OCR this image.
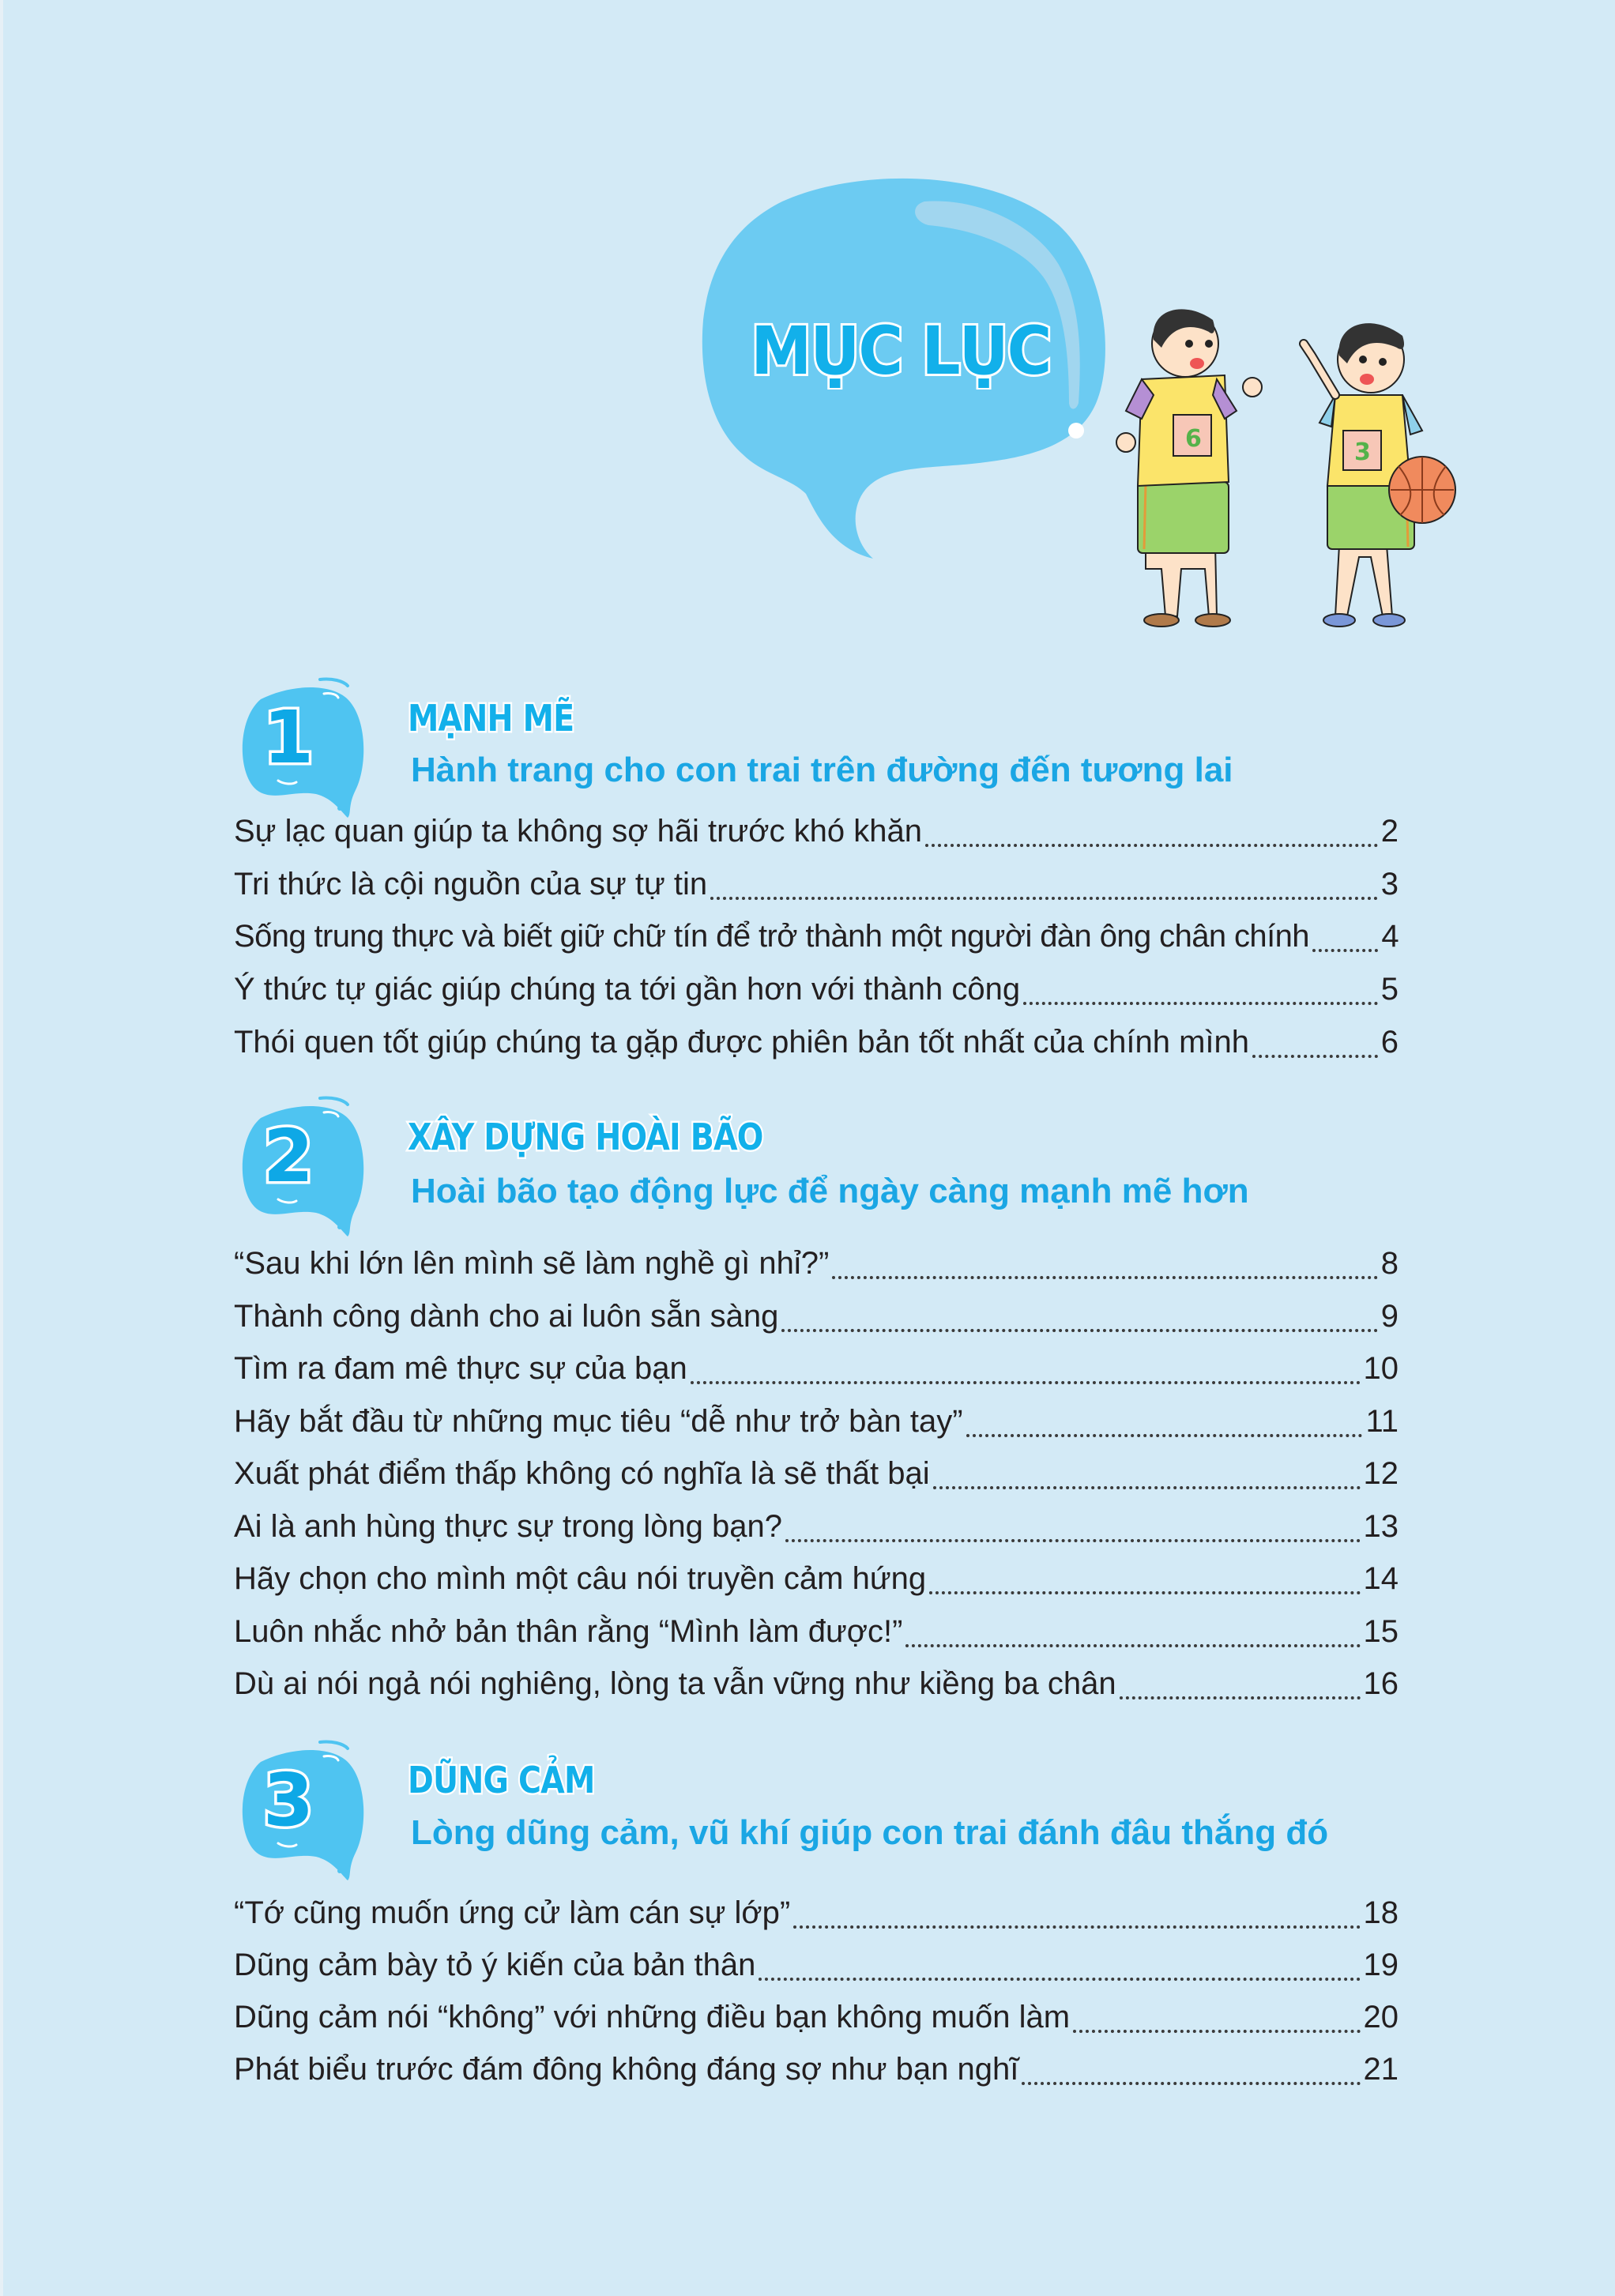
MỤC LỤC
6	3
1	MẠNH MẼ
Hành trang cho con trai trên đường đến tương lai
Sự lạc quan giúp ta không sợ hãi trước khó khăn	2
Tri thức là cội nguồn của sự tự tin	3
Sống trung thực và biết giữ chữ tín để trở thành một người đàn ông chân chính 4
Ý thức tự giác giúp chúng ta tới gần hơn với thành công	5
Thói quen tốt giúp chúng ta gặp được phiên bản tốt nhất của chính mình	6
2	XÂY DỰNG HOÀI BÃO
Hoài bão tạo động lực để ngày càng mạnh mẽ hơn
“Sau khi lớn lên mình sẽ làm nghề gì nhỉ?”	8
Thành công dành cho ai luôn sẵn sàng	9
Tìm ra đam mê thực sự của bạn	10
Hãy bắt đầu từ những mục tiêu “dễ như trở bàn tay”	11
Xuất phát điểm thấp không có nghĩa là sẽ thất bại	12
Ai là anh hùng thực sự trong lòng bạn?	13
Hãy chọn cho mình một câu nói truyền cảm hứng	14
Luôn nhắc nhở bản thân rằng “Mình làm được!”	15
Dù ai nói ngả nói nghiêng, lòng ta vẫn vững như kiềng ba chân	16
3	DŨNG CẢM
Lòng dũng cảm, vũ khí giúp con trai đánh đâu thắng đó
“Tớ cũng muốn ứng cử làm cán sự lớp”	18
Dũng cảm bày tỏ ý kiến của bản thân	19
Dũng cảm nói “không” với những điều bạn không muốn làm	20
Phát biểu trước đám đông không đáng sợ như bạn nghĩ	21
